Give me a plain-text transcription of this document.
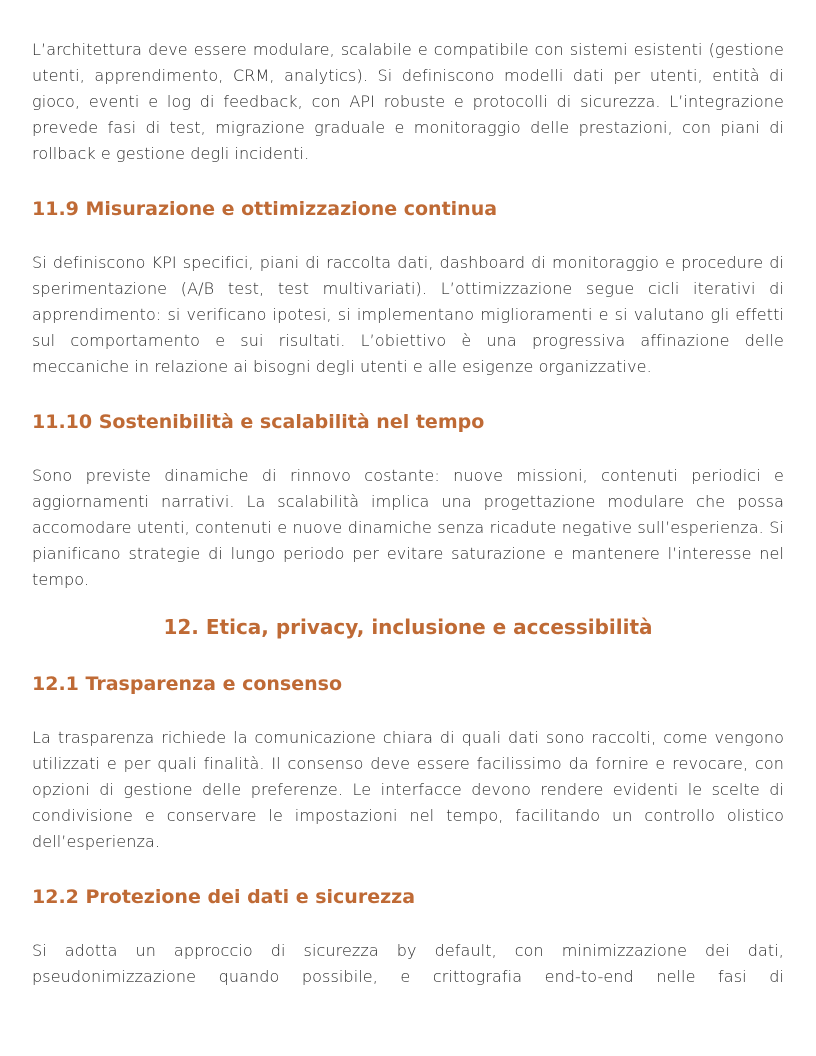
L’architettura deve essere modulare, scalabile e compatibile con sistemi esistenti (gestione utenti, apprendimento, CRM, analytics). Si definiscono modelli dati per utenti, entità di gioco, eventi e log di feedback, con API robuste e protocolli di sicurezza. L’integrazione prevede fasi di test, migrazione graduale e monitoraggio delle prestazioni, con piani di rollback e gestione degli incidenti.

11.9 Misurazione e ottimizzazione continua

Si definiscono KPI specifici, piani di raccolta dati, dashboard di monitoraggio e procedure di sperimentazione (A/B test, test multivariati). L’ottimizzazione segue cicli iterativi di apprendimento: si verificano ipotesi, si implementano miglioramenti e si valutano gli effetti sul comportamento e sui risultati. L’obiettivo è una progressiva affinazione delle meccaniche in relazione ai bisogni degli utenti e alle esigenze organizzative.

11.10 Sostenibilità e scalabilità nel tempo

Sono previste dinamiche di rinnovo costante: nuove missioni, contenuti periodici e aggiornamenti narrativi. La scalabilità implica una progettazione modulare che possa accomodare utenti, contenuti e nuove dinamiche senza ricadute negative sull’esperienza. Si pianificano strategie di lungo periodo per evitare saturazione e mantenere l’interesse nel tempo.

12. Etica, privacy, inclusione e accessibilità
12.1 Trasparenza e consenso

La trasparenza richiede la comunicazione chiara di quali dati sono raccolti, come vengono utilizzati e per quali finalità. Il consenso deve essere facilissimo da fornire e revocare, con opzioni di gestione delle preferenze. Le interfacce devono rendere evidenti le scelte di condivisione e conservare le impostazioni nel tempo, facilitando un controllo olistico dell’esperienza.

12.2 Protezione dei dati e sicurezza

Si adotta un approccio di sicurezza by default, con minimizzazione dei dati, pseudonimizzazione quando possibile, e crittografia end-to-end nelle fasi di
